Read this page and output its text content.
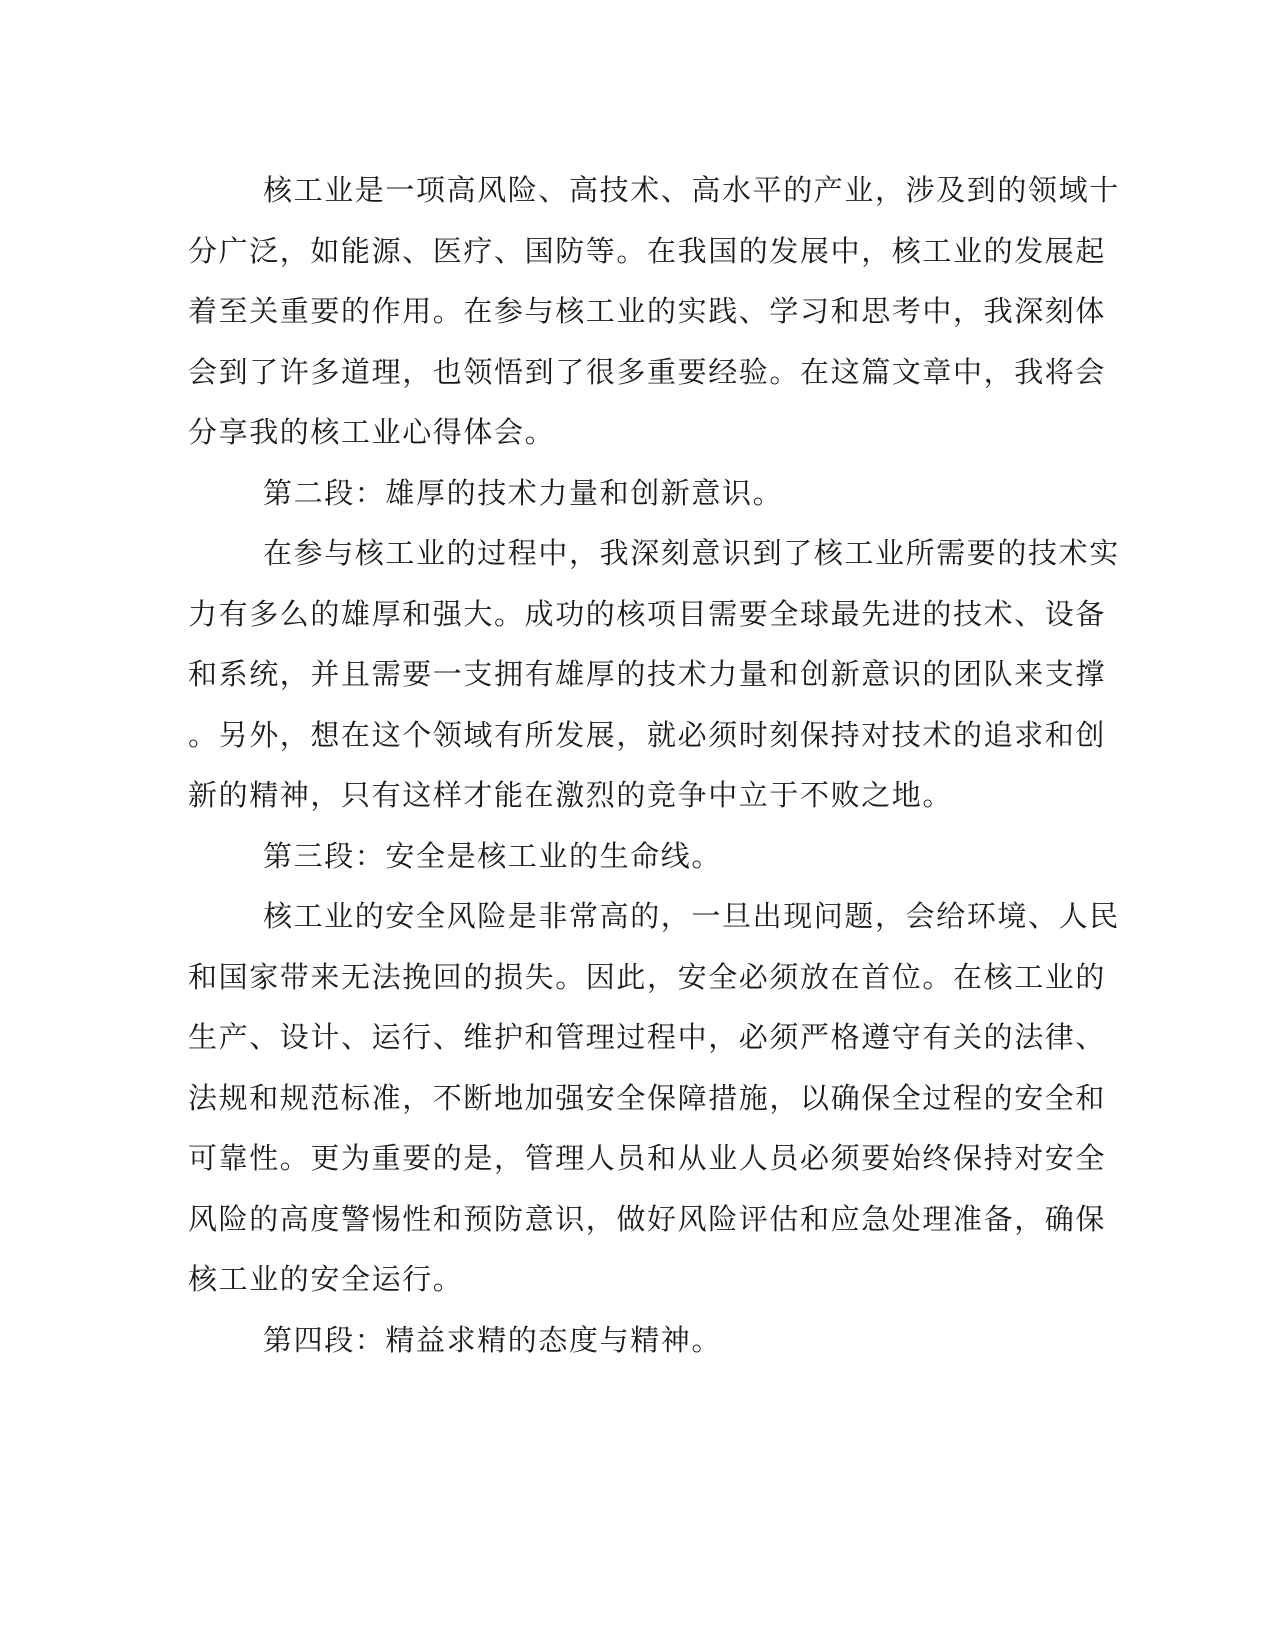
核工业是一项高风险、高技术、高水平的产业，涉及到的领域十
分广泛，如能源、医疗、国防等。在我国的发展中，核工业的发展起
着至关重要的作用。在参与核工业的实践、学习和思考中，我深刻体
会到了许多道理，也领悟到了很多重要经验。在这篇文章中，我将会
分享我的核工业心得体会。
第二段：雄厚的技术力量和创新意识。
在参与核工业的过程中，我深刻意识到了核工业所需要的技术实
力有多么的雄厚和强大。成功的核项目需要全球最先进的技术、设备
和系统，并且需要一支拥有雄厚的技术力量和创新意识的团队来支撑
。另外，想在这个领域有所发展，就必须时刻保持对技术的追求和创
新的精神，只有这样才能在激烈的竞争中立于不败之地。
第三段：安全是核工业的生命线。
核工业的安全风险是非常高的，一旦出现问题，会给环境、人民
和国家带来无法挽回的损失。因此，安全必须放在首位。在核工业的
生产、设计、运行、维护和管理过程中，必须严格遵守有关的法律、
法规和规范标准，不断地加强安全保障措施，以确保全过程的安全和
可靠性。更为重要的是，管理人员和从业人员必须要始终保持对安全
风险的高度警惕性和预防意识，做好风险评估和应急处理准备，确保
核工业的安全运行。
第四段：精益求精的态度与精神。
